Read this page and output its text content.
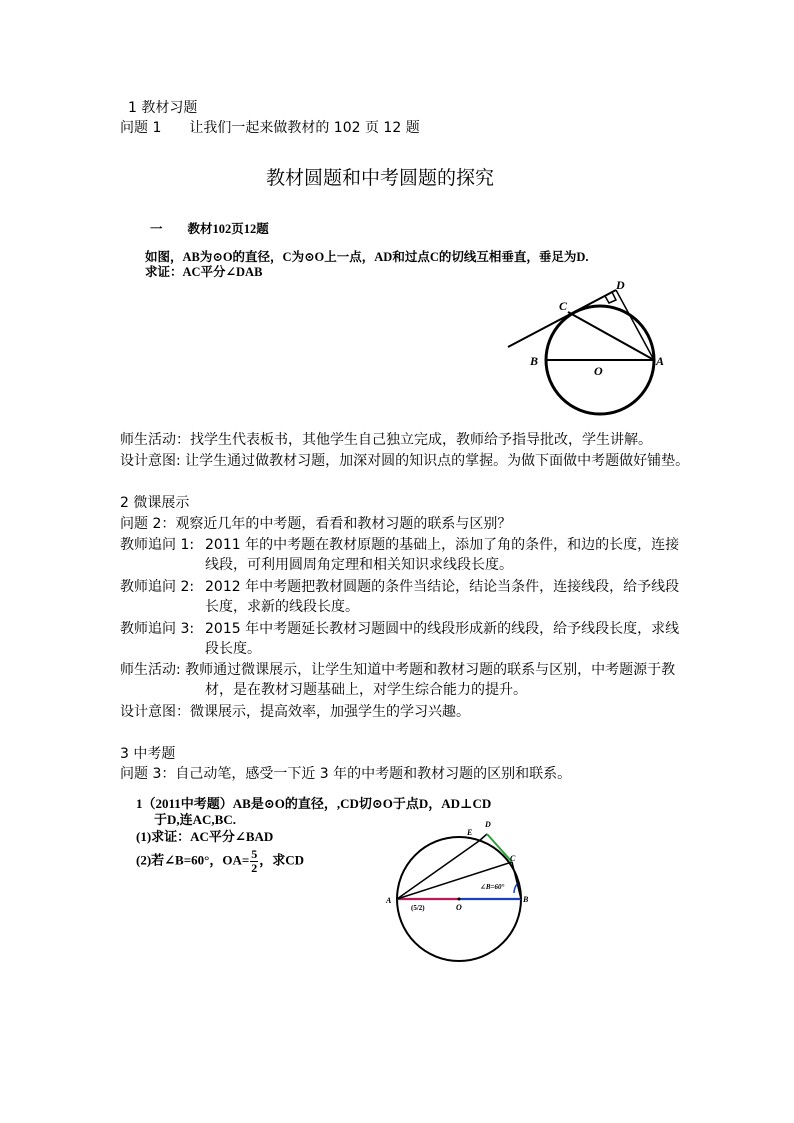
1 教材习题
问题 1　　让我们一起来做教材的 102 页 12 题
教材圆题和中考圆题的探究
一　　教材102页12题
如图，AB为⊙O的直径，C为⊙O上一点，AD和过点C的切线互相垂直，垂足为D.
求证：AC平分∠DAB
C
D
B	A
O
师生活动：找学生代表板书，其他学生自己独立完成，教师给予指导批改，学生讲解。
设计意图: 让学生通过做教材习题，加深对圆的知识点的掌握。为做下面做中考题做好铺垫。
2 微课展示
问题 2：观察近几年的中考题，看看和教材习题的联系与区别？
教师追问 1: 2011 年的中考题在教材原题的基础上，添加了角的条件，和边的长度，连接
线段，可利用圆周角定理和相关知识求线段长度。
教师追问 2: 2012 年中考题把教材圆题的条件当结论，结论当条件，连接线段，给予线段
长度，求新的线段长度。
教师追问 3: 2015 年中考题延长教材习题圆中的线段形成新的线段，给予线段长度，求线
段长度。
师生活动: 教师通过微课展示，让学生知道中考题和教材习题的联系与区别，中考题源于教
材，是在教材习题基础上，对学生综合能力的提升。
设计意图：微课展示，提高效率，加强学生的学习兴趣。
3 中考题
问题 3：自己动笔，感受一下近 3 年的中考题和教材习题的区别和联系。
1（2011中考题）AB是⊙O的直径，,CD切⊙O于点D，AD⊥CD
于D,连AC,BC.
(1)求证：AC平分∠BAD
(2)若∠B=60°，$OA= \frac{5}{2}$ ，求CD
A	B
C
D
E
O
∠B=60°
(5/2)
